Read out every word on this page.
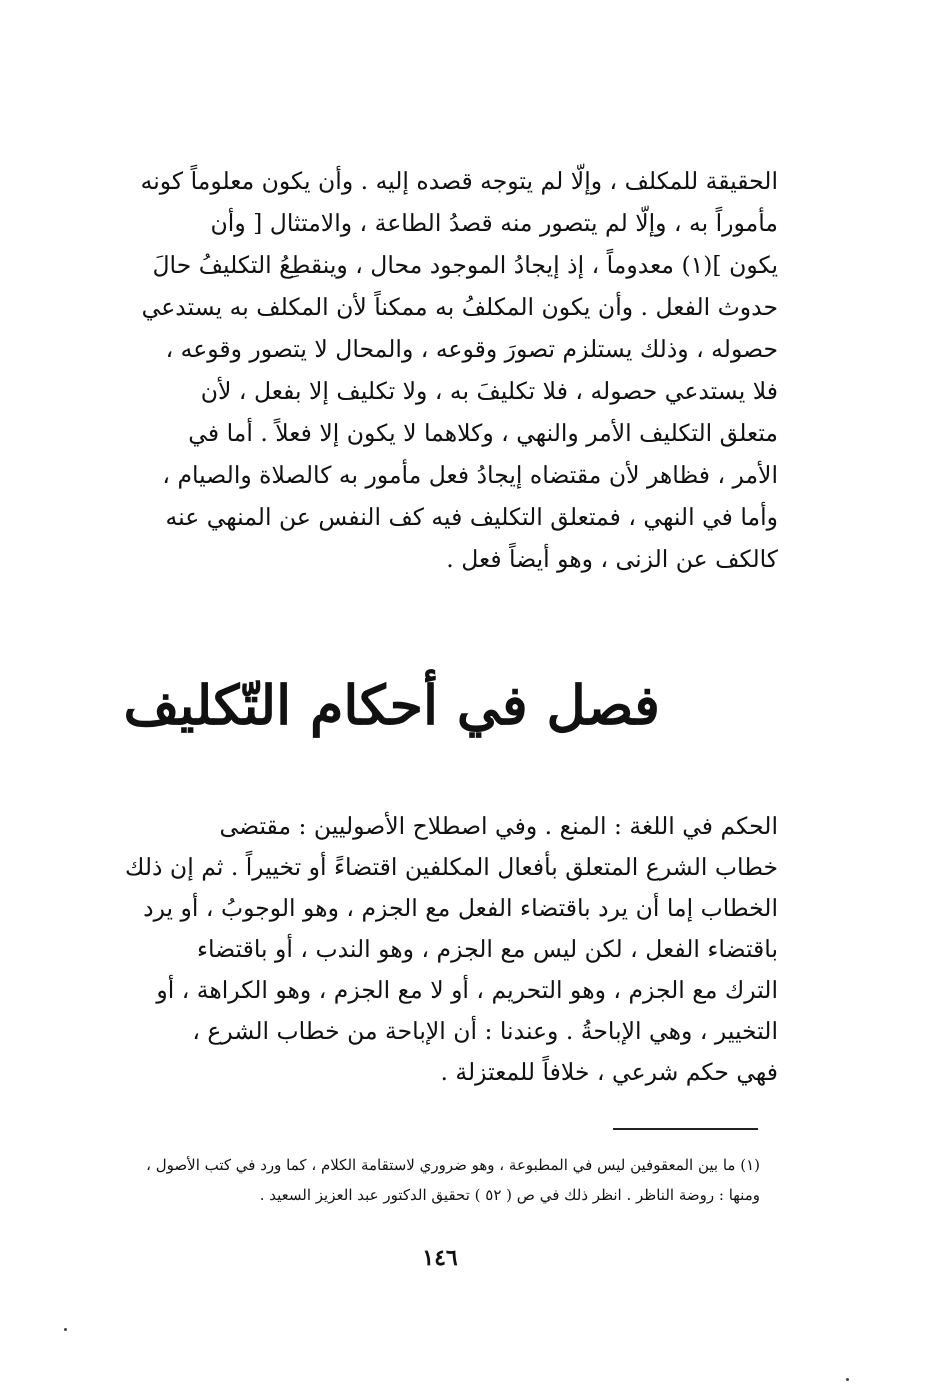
الحقيقة للمكلف ، وإلّا لم يتوجه قصده إليه . وأن يكون معلوماً كونه
مأموراً به ، وإلّا لم يتصور منه قصدُ الطاعة ، والامتثال [ وأن
يكون ](١) معدوماً ، إذ إيجادُ الموجود محال ، وينقطِعُ التكليفُ حالَ
حدوث الفعل . وأن يكون المكلفُ به ممكناً لأن المكلف به يستدعي
حصوله ، وذلك يستلزم تصورَ وقوعه ، والمحال لا يتصور وقوعه ،
فلا يستدعي حصوله ، فلا تكليفَ به ، ولا تكليف إلا بفعل ، لأن
متعلق التكليف الأمر والنهي ، وكلاهما لا يكون إلا فعلاً . أما في
الأمر ، فظاهر لأن مقتضاه إيجادُ فعل مأمور به كالصلاة والصيام ،
وأما في النهي ، فمتعلق التكليف فيه كف النفس عن المنهي عنه
كالكف عن الزنى ، وهو أيضاً فعل .
فصل في أحكام التّكليف
الحكم في اللغة : المنع . وفي اصطلاح الأصوليين : مقتضى
خطاب الشرع المتعلق بأفعال المكلفين اقتضاءً أو تخييراً . ثم إن ذلك
الخطاب إما أن يرد باقتضاء الفعل مع الجزم ، وهو الوجوبُ ، أو يرد
باقتضاء الفعل ، لكن ليس مع الجزم ، وهو الندب ، أو باقتضاء
الترك مع الجزم ، وهو التحريم ، أو لا مع الجزم ، وهو الكراهة ، أو
التخيير ، وهي الإباحةُ . وعندنا : أن الإباحة من خطاب الشرع ،
فهي حكم شرعي ، خلافاً للمعتزلة .
(١) ما بين المعقوفين ليس في المطبوعة ، وهو ضروري لاستقامة الكلام ، كما ورد في كتب الأصول ،
ومنها : روضة الناظر . انظر ذلك في ص ( ٥٢ ) تحقيق الدكتور عبد العزيز السعيد .
١٤٦
